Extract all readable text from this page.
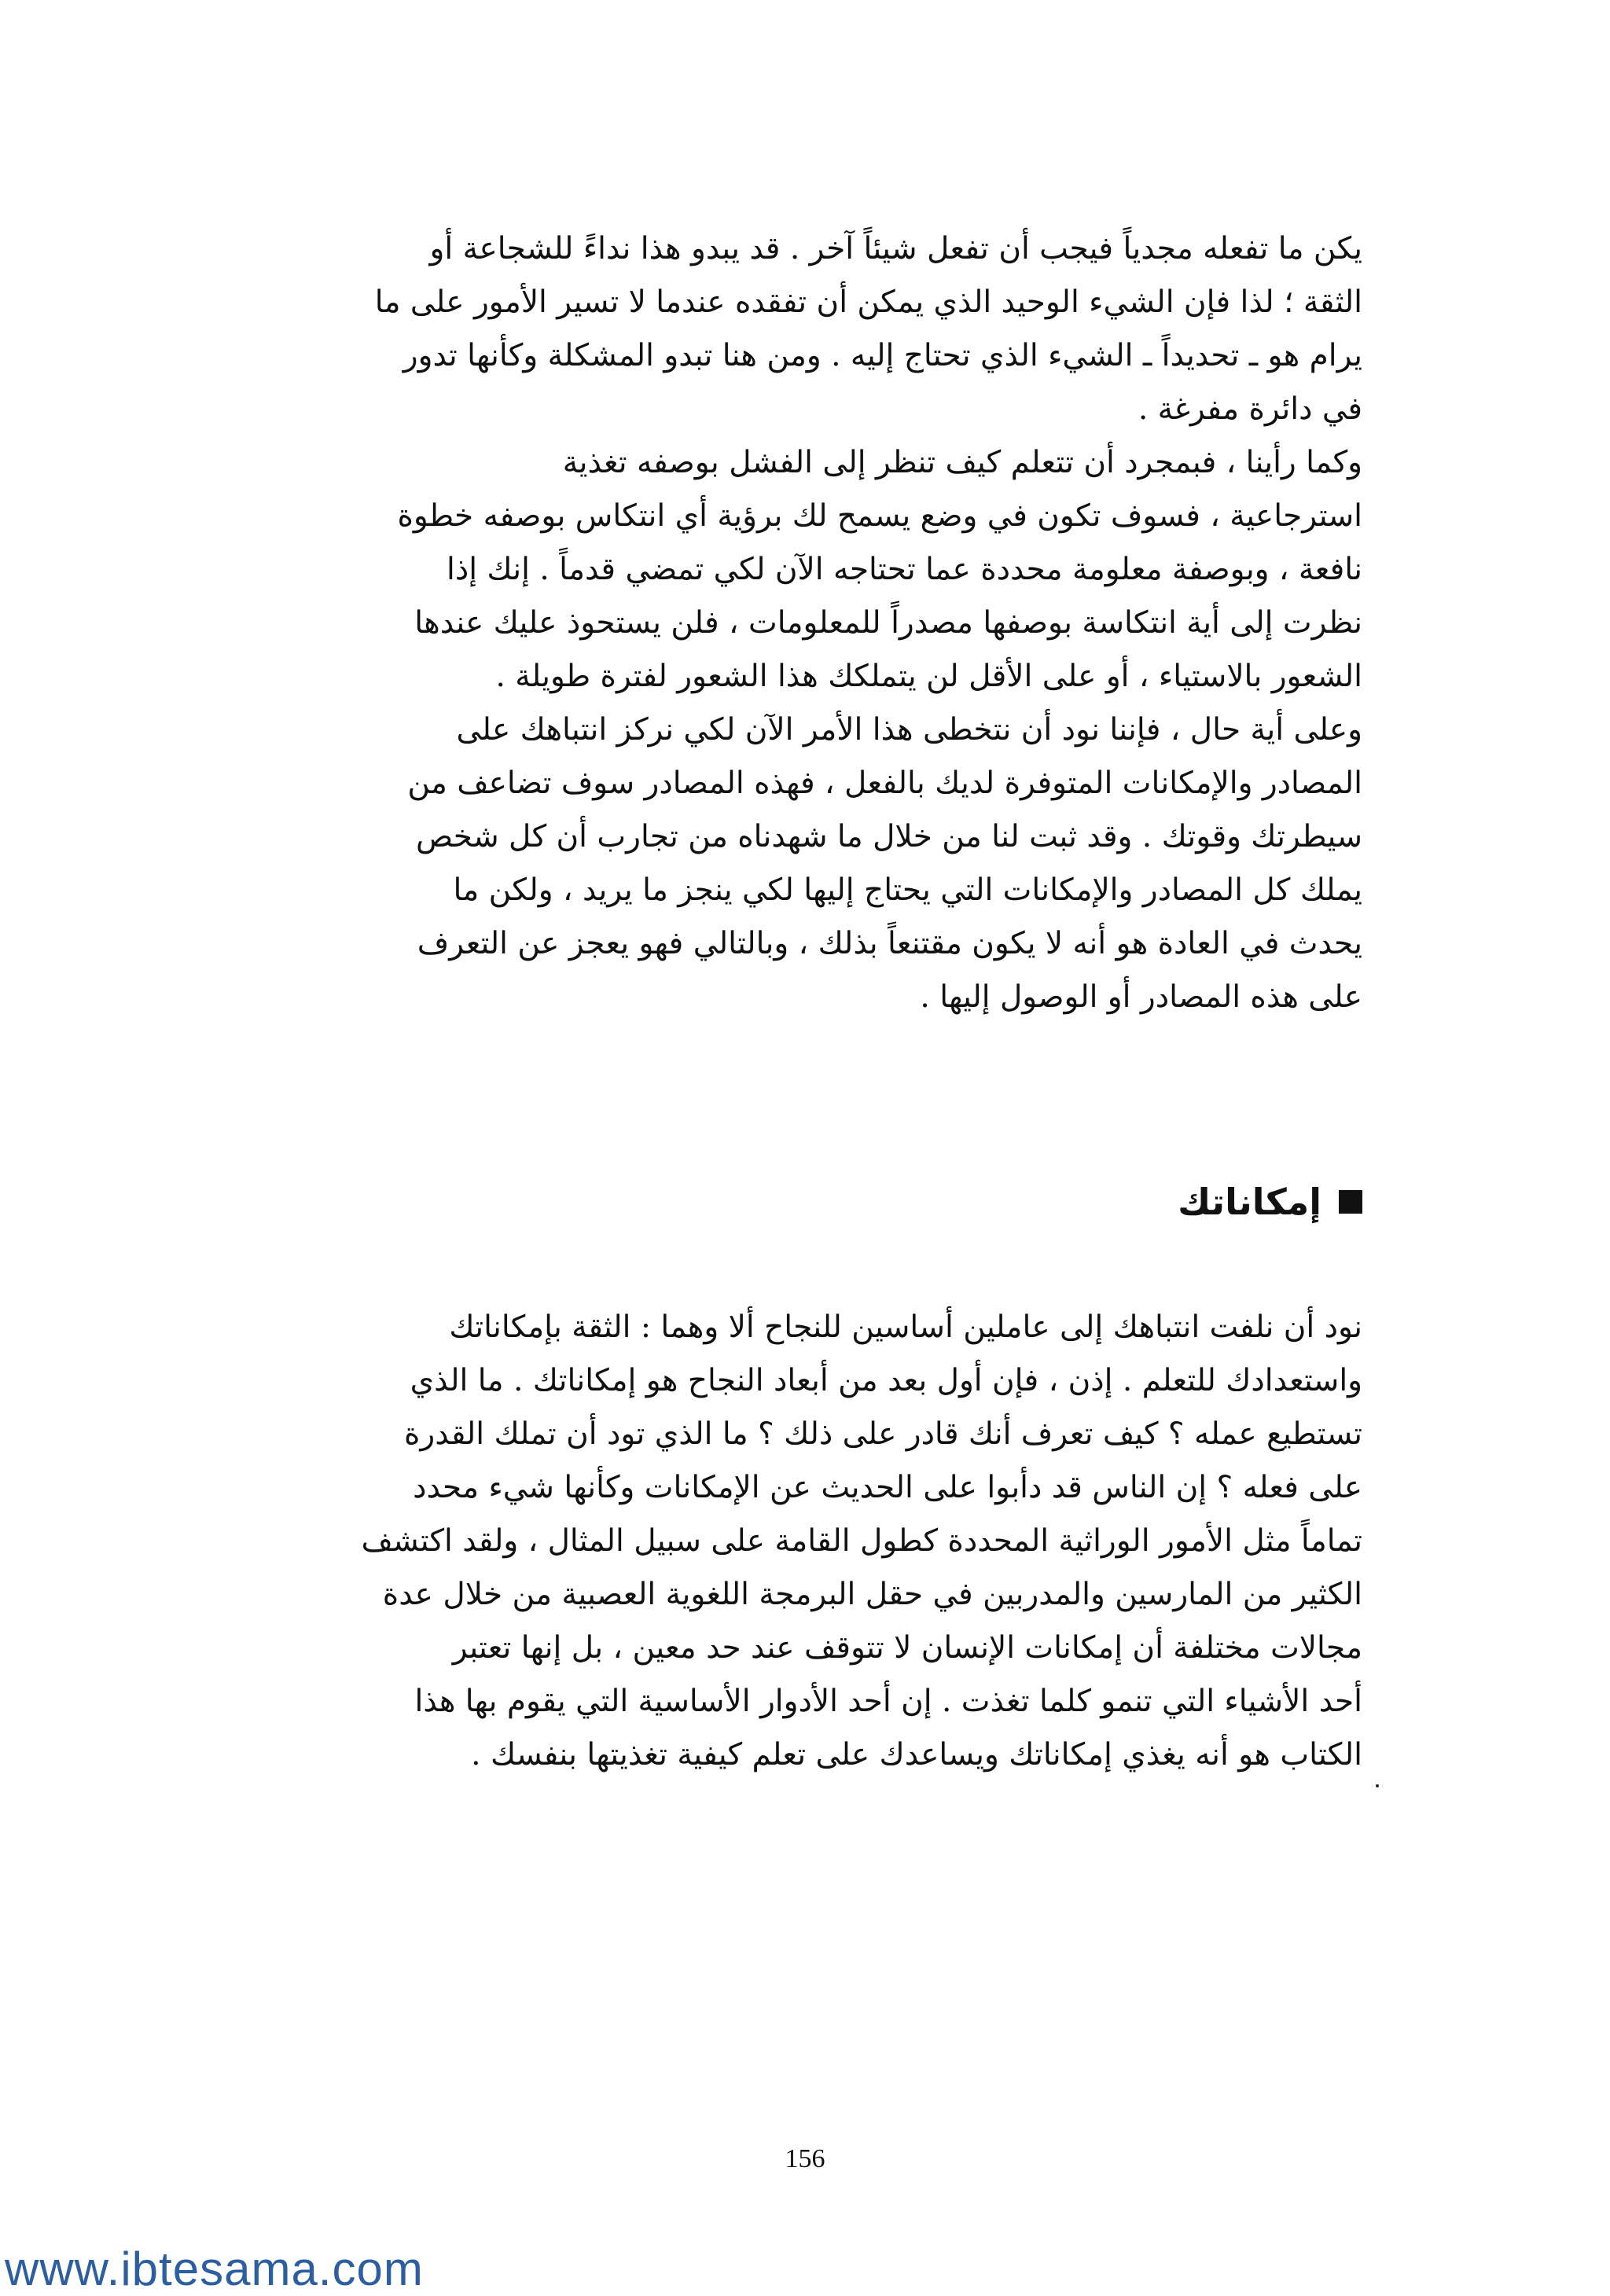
يكن ما تفعله مجدياً فيجب أن تفعل شيئاً آخر . قد يبدو هذا نداءً للشجاعة أو
الثقة ؛ لذا فإن الشيء الوحيد الذي يمكن أن تفقده عندما لا تسير الأمور على ما
يرام هو ـ تحديداً ـ الشيء الذي تحتاج إليه . ومن هنا تبدو المشكلة وكأنها تدور
في دائرة مفرغة .
وكما رأينا ، فبمجرد أن تتعلم كيف تنظر إلى الفشل بوصفه تغذية
استرجاعية ، فسوف تكون في وضع يسمح لك برؤية أي انتكاس بوصفه خطوة
نافعة ، وبوصفة معلومة محددة عما تحتاجه الآن لكي تمضي قدماً . إنك إذا
نظرت إلى أية انتكاسة بوصفها مصدراً للمعلومات ، فلن يستحوذ عليك عندها
الشعور بالاستياء ، أو على الأقل لن يتملكك هذا الشعور لفترة طويلة .
وعلى أية حال ، فإننا نود أن نتخطى هذا الأمر الآن لكي نركز انتباهك على
المصادر والإمكانات المتوفرة لديك بالفعل ، فهذه المصادر سوف تضاعف من
سيطرتك وقوتك . وقد ثبت لنا من خلال ما شهدناه من تجارب أن كل شخص
يملك كل المصادر والإمكانات التي يحتاج إليها لكي ينجز ما يريد ، ولكن ما
يحدث في العادة هو أنه لا يكون مقتنعاً بذلك ، وبالتالي فهو يعجز عن التعرف
على هذه المصادر أو الوصول إليها .
إمكاناتك
نود أن نلفت انتباهك إلى عاملين أساسين للنجاح ألا وهما : الثقة بإمكاناتك
واستعدادك للتعلم . إذن ، فإن أول بعد من أبعاد النجاح هو إمكاناتك . ما الذي
تستطيع عمله ؟ كيف تعرف أنك قادر على ذلك ؟ ما الذي تود أن تملك القدرة
على فعله ؟ إن الناس قد دأبوا على الحديث عن الإمكانات وكأنها شيء محدد
تماماً مثل الأمور الوراثية المحددة كطول القامة على سبيل المثال ، ولقد اكتشف
الكثير من المارسين والمدربين في حقل البرمجة اللغوية العصبية من خلال عدة
مجالات مختلفة أن إمكانات الإنسان لا تتوقف عند حد معين ، بل إنها تعتبر
أحد الأشياء التي تنمو كلما تغذت . إن أحد الأدوار الأساسية التي يقوم بها هذا
الكتاب هو أنه يغذي إمكاناتك ويساعدك على تعلم كيفية تغذيتها بنفسك .
156
www.ibtesama.com
